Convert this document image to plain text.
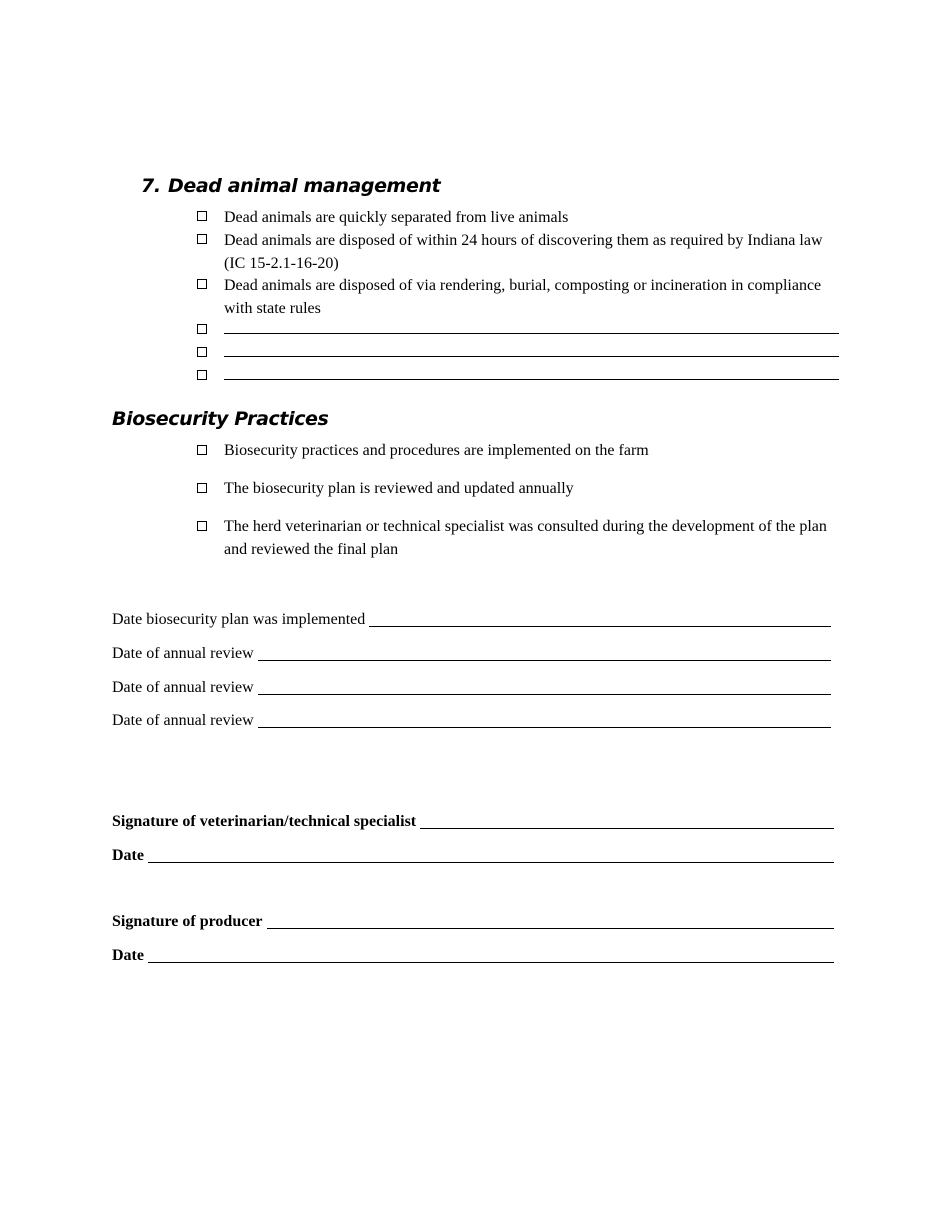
7. Dead animal management
Dead animals are quickly separated from live animals
Dead animals are disposed of within 24 hours of discovering them as required by Indiana law (IC 15-2.1-16-20)
Dead animals are disposed of via rendering, burial, composting or incineration in compliance with state rules
Biosecurity Practices
Biosecurity practices and procedures are implemented on the farm
The biosecurity plan is reviewed and updated annually
The herd veterinarian or technical specialist was consulted during the development of the plan and reviewed the final plan
Date biosecurity plan was implemented
Date of annual review
Date of annual review
Date of annual review
Signature of veterinarian/technical specialist
Date
Signature of producer
Date
